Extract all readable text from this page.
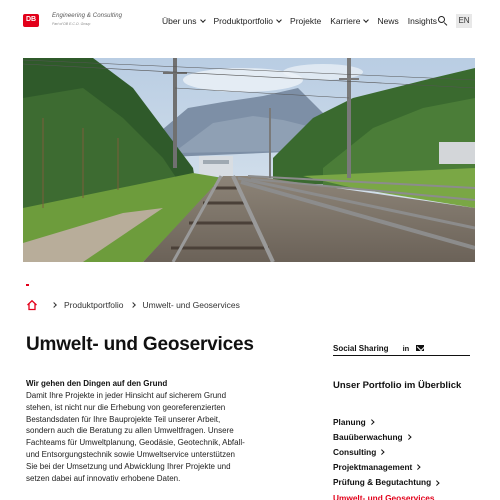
DB	Engineering & Consulting
Part of DB E.C.O. Group	Über uns Produktportfolio Projekte Karriere News Insights	EN
Produktportfolio Umwelt- und Geoservices
Umwelt- und Geoservices
Wir gehen den Dingen auf den Grund

Damit Ihre Projekte in jeder Hinsicht auf sicherem Grund stehen, ist nicht nur die Erhebung von georeferenzierten Bestandsdaten für Ihre Bauprojekte Teil unserer Arbeit, sondern auch die Beratung zu allen Umweltfragen. Unsere Fachteams für Umweltplanung, Geodäsie, Geotechnik, Abfall- und Entsorgungstechnik sowie Umweltservice unterstützen Sie bei der Umsetzung und Abwicklung Ihrer Projekte und setzen dabei auf innovativ erhobene Daten.

Social Sharing in
Unser Portfolio im Überblick
Planung
Bauüberwachung
Consulting
Projektmanagement
Prüfung & Begutachtung
Umwelt- und Geoservices
